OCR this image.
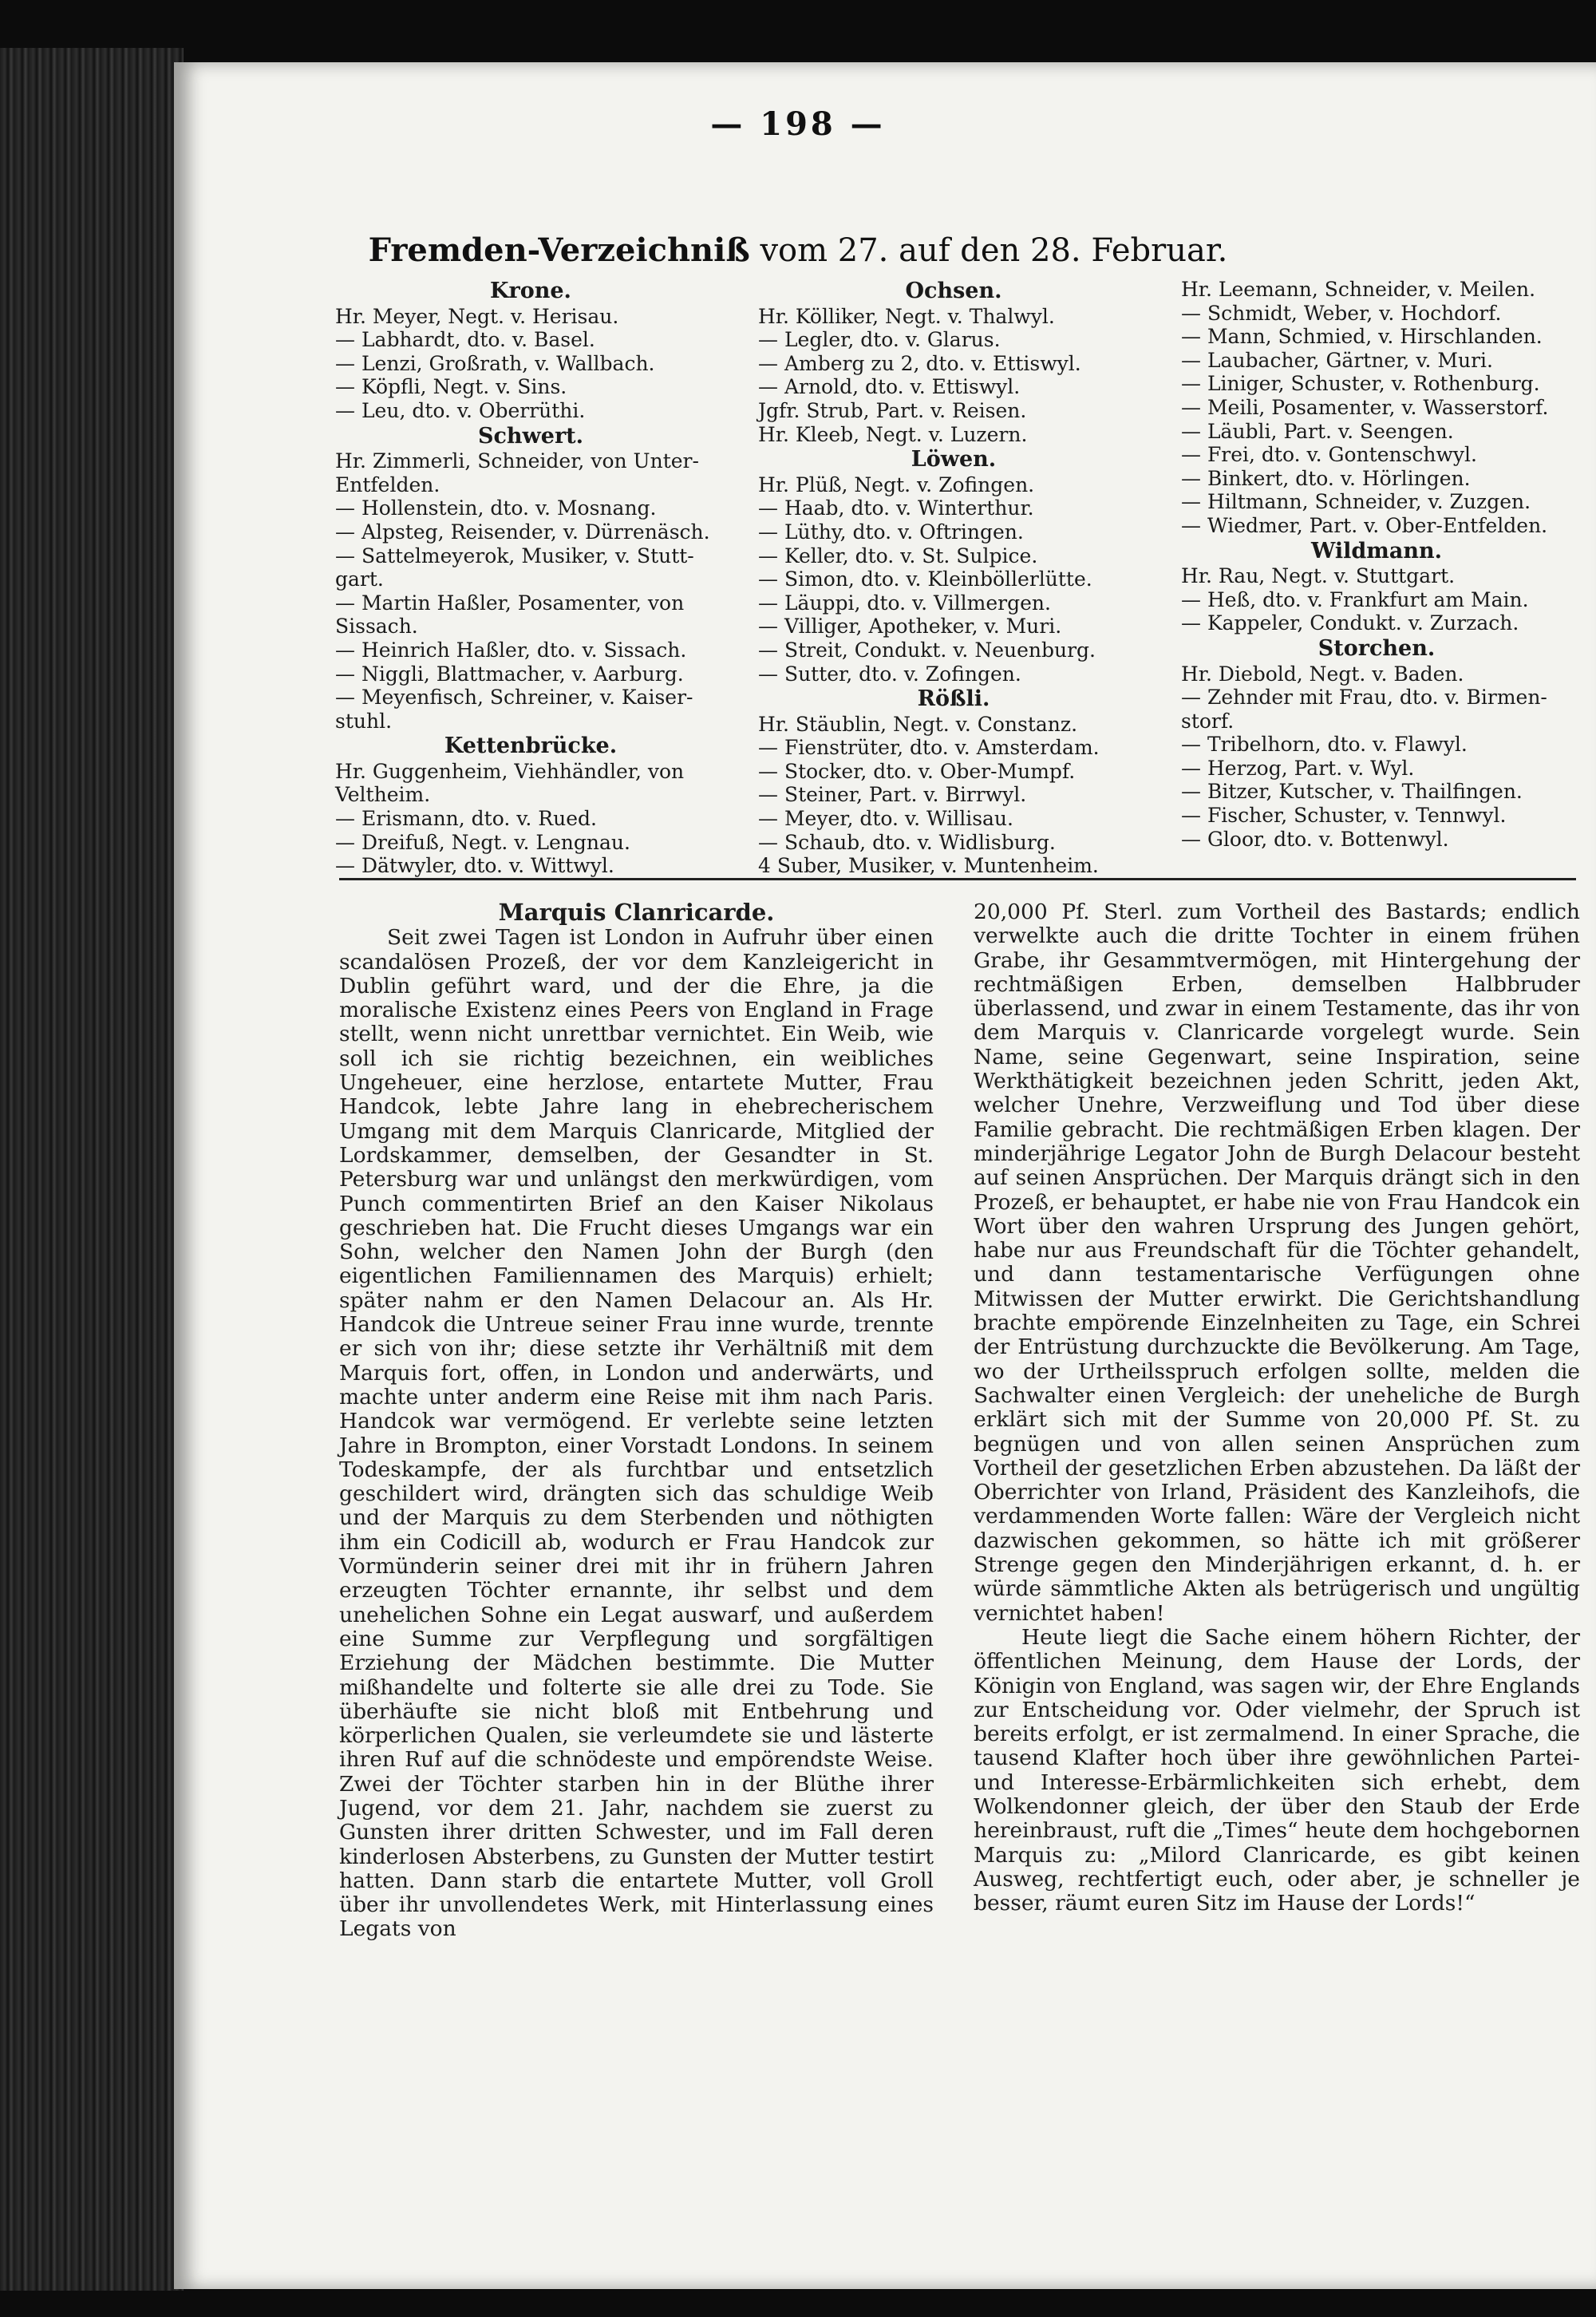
— 198 —
Fremden-Verzeichniß vom 27. auf den 28. Februar.
Krone.
Hr. Meyer, Negt. v. Herisau.
— Labhardt, dto. v. Basel.
— Lenzi, Großrath, v. Wallbach.
— Köpfli, Negt. v. Sins.
— Leu, dto. v. Oberrüthi.
Schwert.
Hr. Zimmerli, Schneider, von Unter-
Entfelden.
— Hollenstein, dto. v. Mosnang.
— Alpsteg, Reisender, v. Dürrenäsch.
— Sattelmeyerok, Musiker, v. Stutt-
gart.
— Martin Haßler, Posamenter, von
Sissach.
— Heinrich Haßler, dto. v. Sissach.
— Niggli, Blattmacher, v. Aarburg.
— Meyenfisch, Schreiner, v. Kaiser-
stuhl.
Kettenbrücke.
Hr. Guggenheim, Viehhändler, von
Veltheim.
— Erismann, dto. v. Rued.
— Dreifuß, Negt. v. Lengnau.
— Dätwyler, dto. v. Wittwyl.
Ochsen.
Hr. Kölliker, Negt. v. Thalwyl.
— Legler, dto. v. Glarus.
— Amberg zu 2, dto. v. Ettiswyl.
— Arnold, dto. v. Ettiswyl.
Jgfr. Strub, Part. v. Reisen.
Hr. Kleeb, Negt. v. Luzern.
Löwen.
Hr. Plüß, Negt. v. Zofingen.
— Haab, dto. v. Winterthur.
— Lüthy, dto. v. Oftringen.
— Keller, dto. v. St. Sulpice.
— Simon, dto. v. Kleinböllerlütte.
— Läuppi, dto. v. Villmergen.
— Villiger, Apotheker, v. Muri.
— Streit, Condukt. v. Neuenburg.
— Sutter, dto. v. Zofingen.
Rößli.
Hr. Stäublin, Negt. v. Constanz.
— Fienstrüter, dto. v. Amsterdam.
— Stocker, dto. v. Ober-Mumpf.
— Steiner, Part. v. Birrwyl.
— Meyer, dto. v. Willisau.
— Schaub, dto. v. Widlisburg.
4 Suber, Musiker, v. Muntenheim.
Hr. Leemann, Schneider, v. Meilen.
— Schmidt, Weber, v. Hochdorf.
— Mann, Schmied, v. Hirschlanden.
— Laubacher, Gärtner, v. Muri.
— Liniger, Schuster, v. Rothenburg.
— Meili, Posamenter, v. Wasserstorf.
— Läubli, Part. v. Seengen.
— Frei, dto. v. Gontenschwyl.
— Binkert, dto. v. Hörlingen.
— Hiltmann, Schneider, v. Zuzgen.
— Wiedmer, Part. v. Ober-Entfelden.
Wildmann.
Hr. Rau, Negt. v. Stuttgart.
— Heß, dto. v. Frankfurt am Main.
— Kappeler, Condukt. v. Zurzach.
Storchen.
Hr. Diebold, Negt. v. Baden.
— Zehnder mit Frau, dto. v. Birmen-
storf.
— Tribelhorn, dto. v. Flawyl.
— Herzog, Part. v. Wyl.
— Bitzer, Kutscher, v. Thailfingen.
— Fischer, Schuster, v. Tennwyl.
— Gloor, dto. v. Bottenwyl.
Marquis Clanricarde.

Seit zwei Tagen ist London in Aufruhr über einen scandalösen Prozeß, der vor dem Kanzleigericht in Dublin geführt ward, und der die Ehre, ja die moralische Existenz eines Peers von England in Frage stellt, wenn nicht unrettbar vernichtet. Ein Weib, wie soll ich sie richtig bezeichnen, ein weibliches Ungeheuer, eine herzlose, entartete Mutter, Frau Handcok, lebte Jahre lang in ehebrecherischem Umgang mit dem Marquis Clanricarde, Mitglied der Lordskammer, demselben, der Gesandter in St. Petersburg war und unlängst den merkwürdigen, vom Punch commentirten Brief an den Kaiser Nikolaus geschrieben hat. Die Frucht dieses Umgangs war ein Sohn, welcher den Namen John der Burgh (den eigentlichen Familiennamen des Marquis) erhielt; später nahm er den Namen Delacour an. Als Hr. Handcok die Untreue seiner Frau inne wurde, trennte er sich von ihr; diese setzte ihr Verhältniß mit dem Marquis fort, offen, in London und anderwärts, und machte unter anderm eine Reise mit ihm nach Paris. Handcok war vermögend. Er verlebte seine letzten Jahre in Brompton, einer Vorstadt Londons. In seinem Todeskampfe, der als furchtbar und entsetzlich geschildert wird, drängten sich das schuldige Weib und der Marquis zu dem Sterbenden und nöthigten ihm ein Codicill ab, wodurch er Frau Handcok zur Vormünderin seiner drei mit ihr in frühern Jahren erzeugten Töchter ernannte, ihr selbst und dem unehelichen Sohne ein Legat auswarf, und außerdem eine Summe zur Verpflegung und sorgfältigen Erziehung der Mädchen bestimmte. Die Mutter mißhandelte und folterte sie alle drei zu Tode. Sie überhäufte sie nicht bloß mit Entbehrung und körperlichen Qualen, sie verleumdete sie und lästerte ihren Ruf auf die schnödeste und empörendste Weise. Zwei der Töchter starben hin in der Blüthe ihrer Jugend, vor dem 21. Jahr, nachdem sie zuerst zu Gunsten ihrer dritten Schwester, und im Fall deren kinderlosen Absterbens, zu Gunsten der Mutter testirt hatten. Dann starb die entartete Mutter, voll Groll über ihr unvollendetes Werk, mit Hinterlassung eines Legats von

20,000 Pf. Sterl. zum Vortheil des Bastards; endlich verwelkte auch die dritte Tochter in einem frühen Grabe, ihr Gesammtvermögen, mit Hintergehung der rechtmäßigen Erben, demselben Halbbruder überlassend, und zwar in einem Testamente, das ihr von dem Marquis v. Clanricarde vorgelegt wurde. Sein Name, seine Gegenwart, seine Inspiration, seine Werkthätigkeit bezeichnen jeden Schritt, jeden Akt, welcher Unehre, Verzweiflung und Tod über diese Familie gebracht. Die rechtmäßigen Erben klagen. Der minderjährige Legator John de Burgh Delacour besteht auf seinen Ansprüchen. Der Marquis drängt sich in den Prozeß, er behauptet, er habe nie von Frau Handcok ein Wort über den wahren Ursprung des Jungen gehört, habe nur aus Freundschaft für die Töchter gehandelt, und dann testamentarische Verfügungen ohne Mitwissen der Mutter erwirkt. Die Gerichtshandlung brachte empörende Einzelnheiten zu Tage, ein Schrei der Entrüstung durchzuckte die Bevölkerung. Am Tage, wo der Urtheilsspruch erfolgen sollte, melden die Sachwalter einen Vergleich: der uneheliche de Burgh erklärt sich mit der Summe von 20,000 Pf. St. zu begnügen und von allen seinen Ansprüchen zum Vortheil der gesetzlichen Erben abzustehen. Da läßt der Oberrichter von Irland, Präsident des Kanzleihofs, die verdammenden Worte fallen: Wäre der Vergleich nicht dazwischen gekommen, so hätte ich mit größerer Strenge gegen den Minderjährigen erkannt, d. h. er würde sämmtliche Akten als betrügerisch und ungültig vernichtet haben!

Heute liegt die Sache einem höhern Richter, der öffentlichen Meinung, dem Hause der Lords, der Königin von England, was sagen wir, der Ehre Englands zur Entscheidung vor. Oder vielmehr, der Spruch ist bereits erfolgt, er ist zermalmend. In einer Sprache, die tausend Klafter hoch über ihre gewöhnlichen Partei- und Interesse-Erbärmlichkeiten sich erhebt, dem Wolkendonner gleich, der über den Staub der Erde hereinbraust, ruft die „Times“ heute dem hochgebornen Marquis zu: „Milord Clanricarde, es gibt keinen Ausweg, rechtfertigt euch, oder aber, je schneller je besser, räumt euren Sitz im Hause der Lords!“
